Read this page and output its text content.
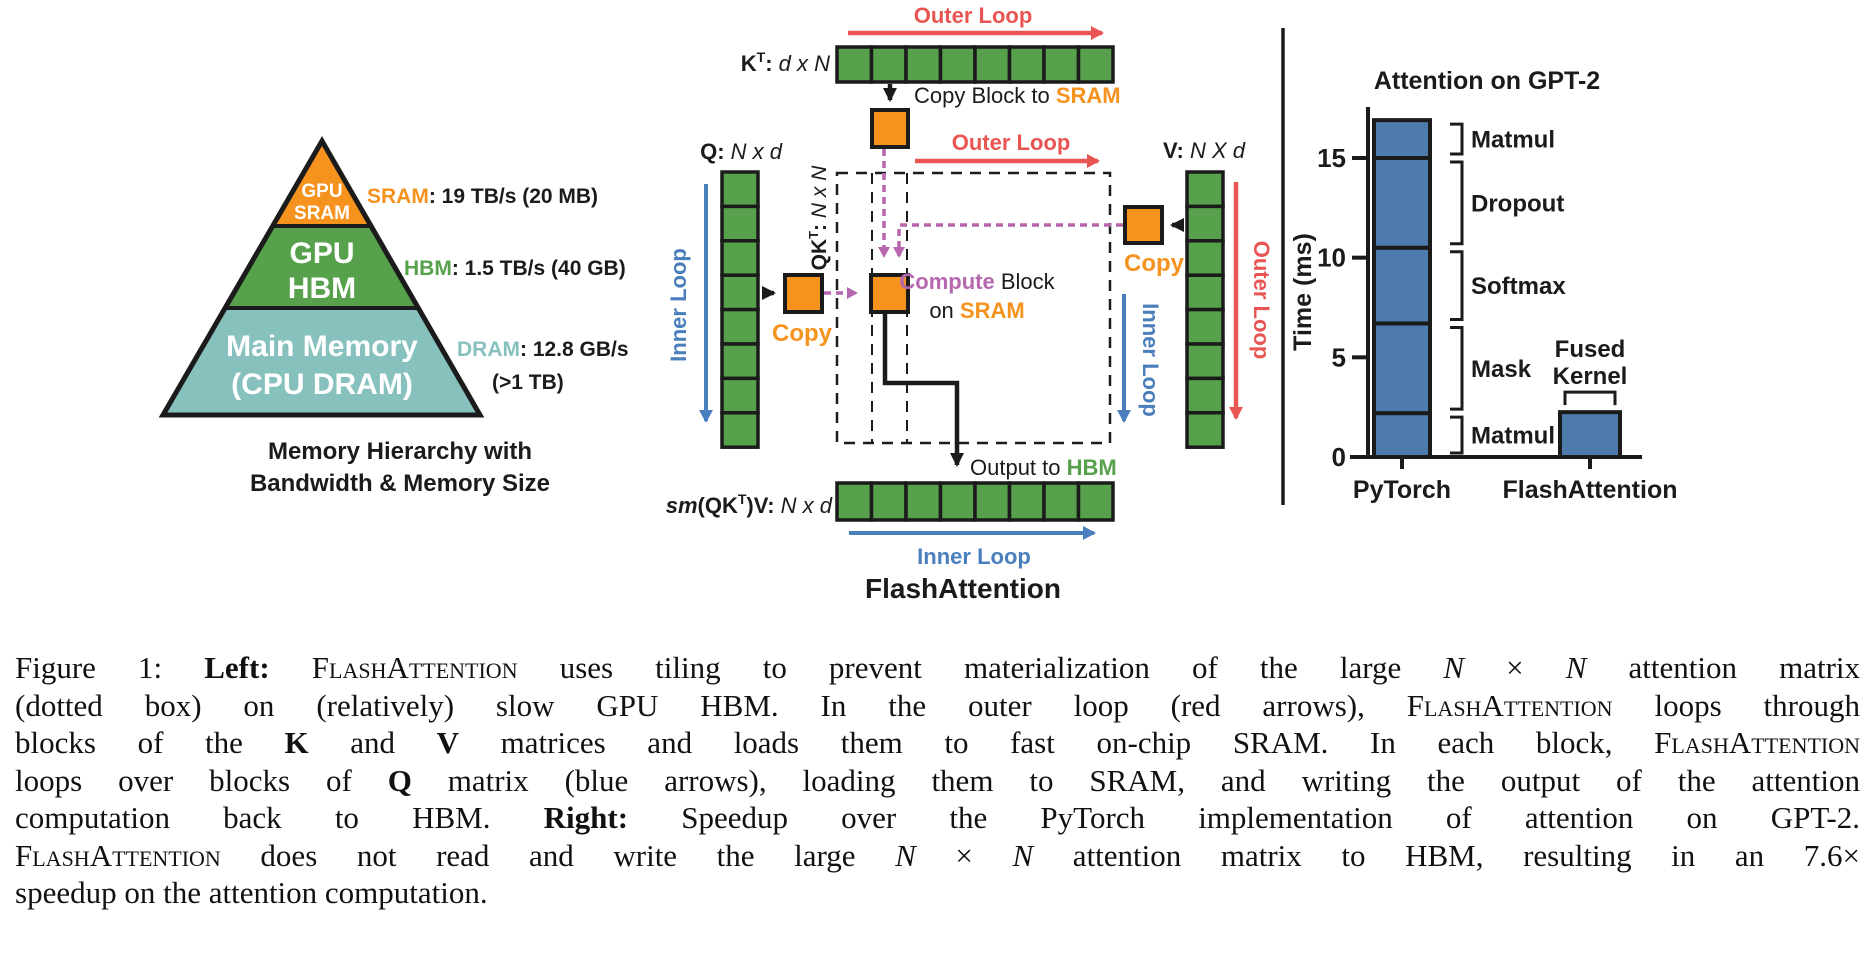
GPU
SRAM
GPU
HBM
Main Memory
(CPU DRAM)
SRAM: 19 TB/s (20 MB)
HBM: 1.5 TB/s (40 GB)
DRAM: 12.8 GB/s
(>1 TB)
Memory Hierarchy with
Bandwidth & Memory Size
Outer Loop
Outer Loop
Outer Loop
Inner Loop	Inner Loop
Inner Loop
$K^T$: d x N
Q: N x d	V: N X d
$QK^T$: N x N
$sm(QK^T)V$: N x d
Copy Block to SRAM
Copy
Copy
Compute Block
on SRAM
Output to HBM
FlashAttention
Attention on GPT-2
Time (ms)
0
5
10
15
Matmul
Mask
Softmax
Dropout
Matmul
Fused
Kernel
PyTorch FlashAttention
Figure 1: Left: FlashAttention uses tiling to prevent materialization of the large N × N attention matrix
(dotted box) on (relatively) slow GPU HBM. In the outer loop (red arrows), FlashAttention loops through
blocks of the K and V matrices and loads them to fast on-chip SRAM. In each block, FlashAttention
loops over blocks of Q matrix (blue arrows), loading them to SRAM, and writing the output of the attention
computation back to HBM. Right: Speedup over the PyTorch implementation of attention on GPT-2.
FlashAttention does not read and write the large N × N attention matrix to HBM, resulting in an 7.6×
speedup on the attention computation.
